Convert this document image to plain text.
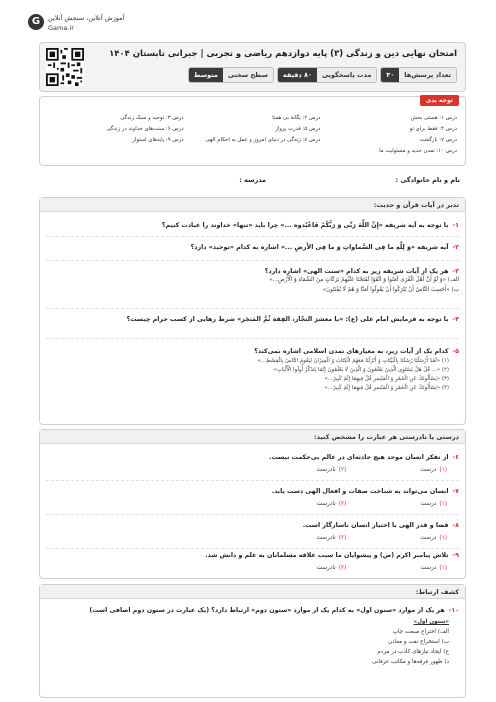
G	آموزش آنلاین، سنجش آنلاین
Gama.ir
امتحان نهایی دین و زندگی (۳) پایه دوازدهم ریاضی و تجربی | جبرانی تابستان ۱۴۰۴
تعداد پرسش‌ها
۳۰
مدت پاسخگویی
۸۰ دقیقه
سطح سختی
متوسط
توجه بدی
درس ۱: هستی بخش
درس ۲: یگانهٔ بی همتا
درس ۳: توحید و سبک زندگی
درس ۴: فقط برای تو
درس ۵: قدرت پرواز
درس ۶: سنت‌های خداوند در زندگی
درس ۷: بازگشت
درس ۸: زندگی در دنیای امروز و عمل به احکام الهی
درس ۹: پایه‌های استوار
درس ۱۰: تمدن جدید و مسئولیت ما
نام و نام خانوادگی :
مدرسه :
تدبر در آیات قرآن و حدیث:
۱-با توجه به آیه شریفه «إِنَّ اللَّهَ رَبِّی وَ رَبُّکُمْ فَاعْبُدوه ...» چرا باید «تنها» خداوند را عبادت کنیم؟
۲-آیه شریفه «وَ لِلَّهِ ما فِی السَّماواتِ وَ ما فِی الأَرضِ ...» اشاره به کدام «توحید» دارد؟
۳-هر یک از آیات شریفه زیر به کدام «سنت الهی» اشاره دارد؟
الف) «وَ لَوْ أَنَّ أَهْلَ الْقُرَى آمَنُوا وَ اتَّقَوْا لَفَتَحْنَا عَلَيْهِمْ بَرَكَاتٍ مِنَ السَّمَاءِ وَ الْأَرْضِ...»
ب) «أَحَسِبَ النَّاسُ أَنْ يُتْرَكُوا أَنْ يَقُولُوا آمَنَّا وَ هُمْ لَا يُفْتَنُونَ»
۴-با توجه به فرمایش امام علی (ع): «یا معشرَ التجّار، الفِقهَ ثُمَّ المَتجَر» شرط رهایی از کسب حرام چیست؟
۵-کدام یک از آیات زیر، به معیارهای تمدن اسلامی اشاره نمی‌کند؟
(۱) «لَقَدْ أَرْسَلْنَا رُسُلَنَا بِالْبَيِّنَاتِ وَ أَنْزَلْنَا مَعَهُمُ الْكِتَابَ وَ الْمِيزَانَ لِيَقُومَ النَّاسُ بِالْقِسْطِ...»
(۲) «... قُلْ هَلْ يَسْتَوِي الَّذِينَ يَعْلَمُونَ وَ الَّذِينَ لَا يَعْلَمُونَ إِنَّمَا يَتَذَكَّرُ أُولُوا الْأَلْبَابِ»
(۳) «يَسْأَلُونَكَ عَنِ الْخَمْرِ وَ الْمَيْسِرِ قُلْ فِيهِمَا إِثْمٌ كَبِيرٌ...»
(۴) «يَسْأَلُونَكَ عَنِ الْخَمْرِ وَ الْمَيْسِرِ قُلْ فِيهِمَا إِثْمٌ كَبِيرٌ...»
درستی یا نادرستی هر عبارت را مشخص کنید:
۶-از تفکر انسان موحد هیچ حادثه‌ای در عالم بی‌حکمت نیست.
(۱)درست
(۲)نادرست
۷-انسان می‌تواند به شناخت صفات و افعال الهی دست یابد.
(۱)درست
(۲)نادرست
۸-قضا و قدر الهی با اختیار انسان ناسازگار است.
(۱)درست
(۲)نادرست
۹-تلاش پیامبر اکرم (ص) و پیشوایان ما سبب علاقه مسلمانان به علم و دانش شد.
(۱)درست
(۲)نادرست
کشف ارتباط:
۱۰-هر یک از موارد «ستون اول» به کدام یک از موارد «ستون دوم» ارتباط دارد؟ (یک عبارت در ستون دوم اضافی است)
«ستون اول»
الف) اختراع صنعت چاپ
ب) استخراج نفت و معادن
ج) ایجاد نیازهای کاذب در مردم
د) ظهور فرقه‌ها و مکاتب عرفانی
